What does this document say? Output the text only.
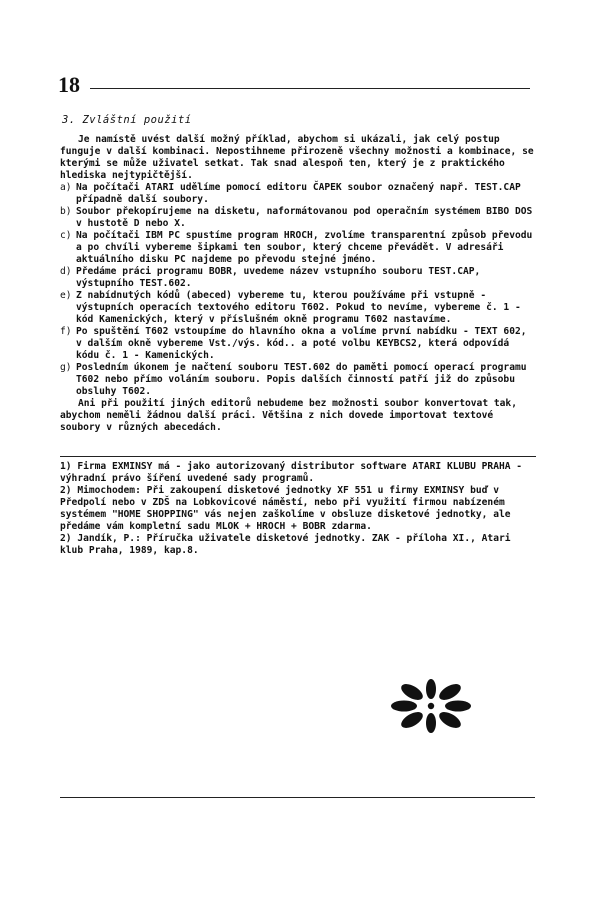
18
3. Zvláštní použití

Je namístě uvést další možný příklad, abychom si ukázali, jak celý postup funguje v další kombinaci. Nepostihneme přirozeně všechny možnosti a kombinace, se kterými se může uživatel setkat. Tak snad alespoň ten, který je z praktického hlediska nejtypičtější.

a) Na počítači ATARI udělíme pomocí editoru ČAPEK soubor označený např. TEST.CAP případně další soubory.
b) Soubor překopírujeme na disketu, naformátovanou pod operačním systémem BIBO DOS v hustotě D nebo X.
c) Na počítači IBM PC spustíme program HROCH, zvolíme transparentní způsob převodu a po chvíli vybereme šipkami ten soubor, který chceme převádět. V adresáři aktuálního disku PC najdeme po převodu stejné jméno.
d) Předáme práci programu BOBR, uvedeme název vstupního souboru TEST.CAP, výstupního TEST.602.
e) Z nabídnutých kódů (abeced) vybereme tu, kterou používáme při vstupně - výstupních operacích textového editoru T602. Pokud to nevíme, vybereme č. 1 - kód Kamenických, který v příslušném okně programu T602 nastavíme.
f) Po spuštění T602 vstoupíme do hlavního okna a volíme první nabídku - TEXT 602, v dalším okně vybereme Vst./výs. kód.. a poté volbu KEYBCS2, která odpovídá kódu č. 1 - Kamenických.
g) Posledním úkonem je načtení souboru TEST.602 do paměti pomocí operací programu T602 nebo přímo voláním souboru. Popis dalších činností patří již do způsobu obsluhy T602.

Ani při použití jiných editorů nebudeme bez možnosti soubor konvertovat tak, abychom neměli žádnou další práci. Většina z nich dovede importovat textové soubory v různých abecedách.

1) Firma EXMINSY má - jako autorizovaný distributor software ATARI KLUBU PRAHA - výhradní právo šíření uvedené sady programů.

2) Mimochodem: Při zakoupení disketové jednotky XF 551 u firmy EXMINSY buď v Předpolí nebo v ZDŠ na Lobkovicové náměstí, nebo při využití firmou nabízeném systémem "HOME SHOPPING" vás nejen zaškolíme v obsluze disketové jednotky, ale předáme vám kompletní sadu MLOK + HROCH + BOBR zdarma.

2) Jandík, P.: Příručka uživatele disketové jednotky. ZAK - příloha XI., Atari klub Praha, 1989, kap.8.
